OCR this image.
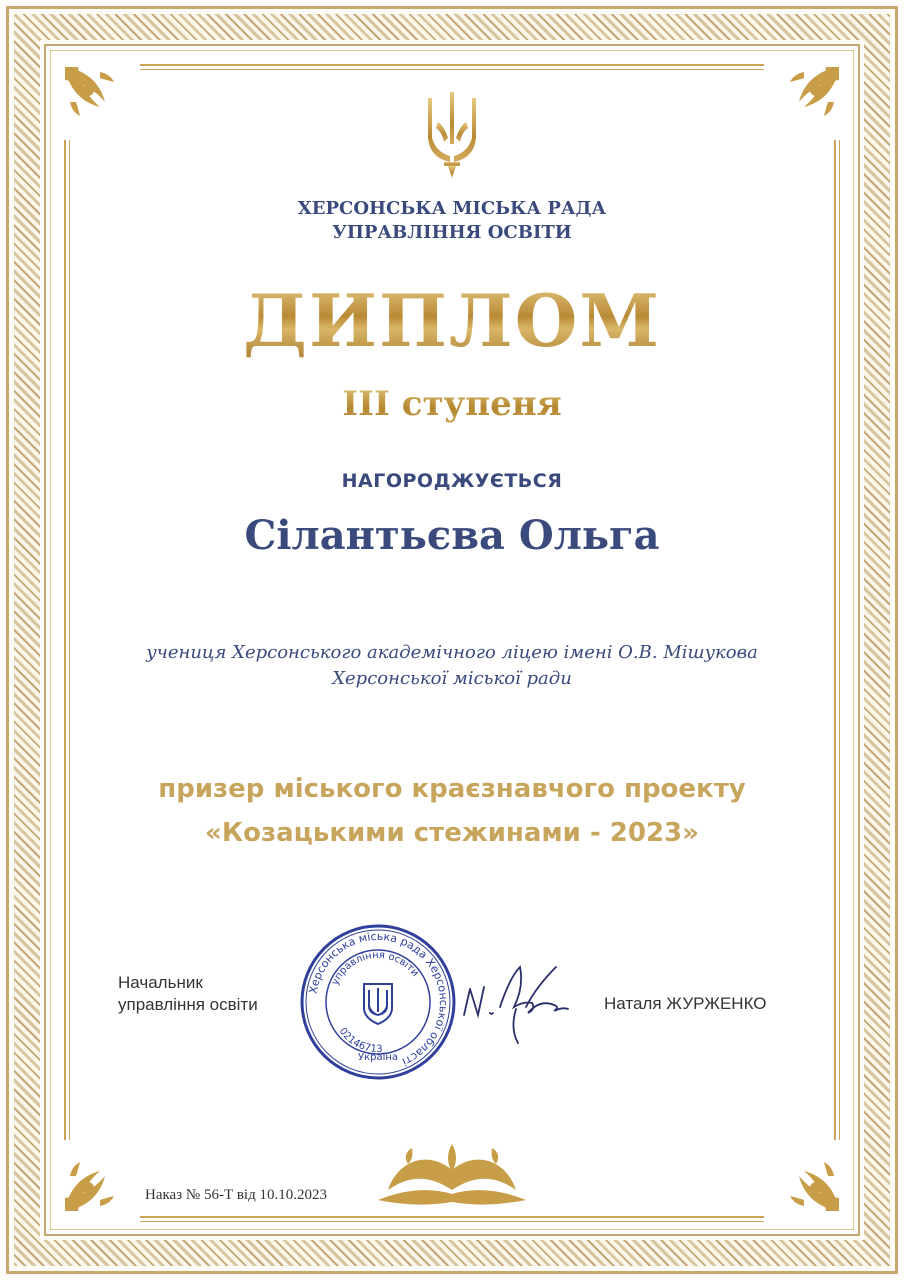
ХЕРСОНСЬКА МІСЬКА РАДА
УПРАВЛІННЯ ОСВІТИ
ДИПЛОМ
III ступеня
НАГОРОДЖУЄТЬСЯ
Сілантьєва Ольга
учениця Херсонського академічного ліцею імені О.В. Мішукова
Херсонської міської ради
призер міського краєзнавчого проекту
«Козацькими стежинами - 2023»
Начальник
управління освіти
Херсонська міська рада Херсонської області
управління освіти
02146713
Україна
Наталя ЖУРЖЕНКО
Наказ № 56-Т від 10.10.2023
